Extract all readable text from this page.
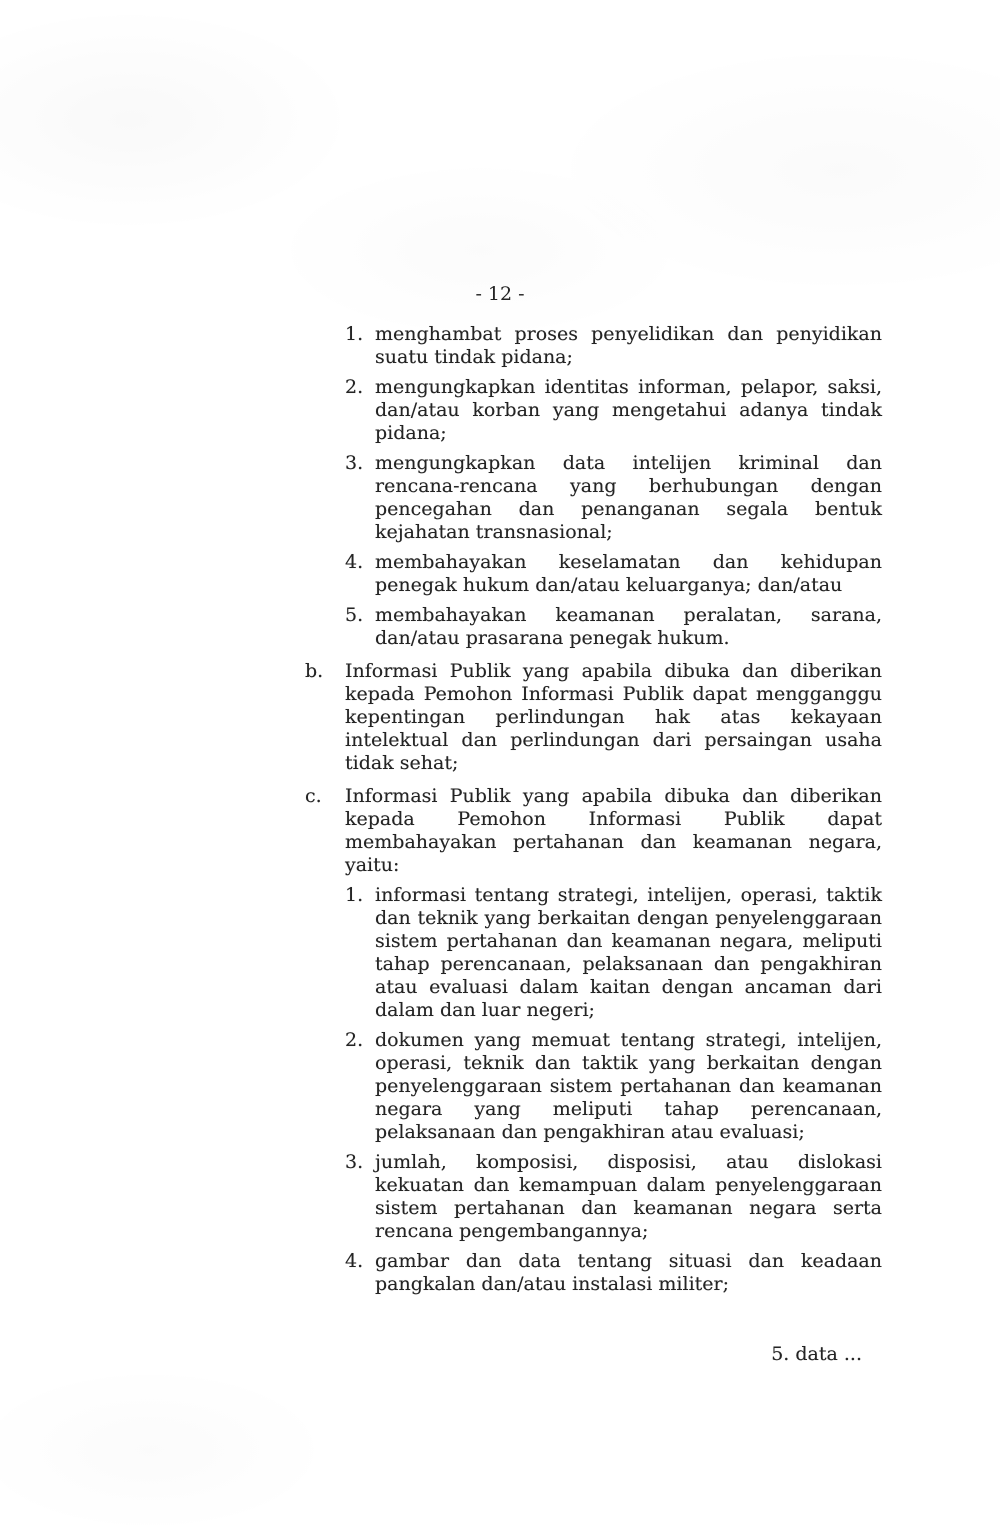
- 12 -
1. menghambat proses penyelidikan dan penyidikan
suatu tindak pidana;
2. mengungkapkan identitas informan, pelapor, saksi,
dan/atau korban yang mengetahui adanya tindak
pidana;
3. mengungkapkan data intelijen kriminal dan
rencana-rencana yang berhubungan dengan
pencegahan dan penanganan segala bentuk
kejahatan transnasional;
4. membahayakan keselamatan dan kehidupan
penegak hukum dan/atau keluarganya; dan/atau
5. membahayakan keamanan peralatan, sarana,
dan/atau prasarana penegak hukum.
b.	Informasi Publik yang apabila dibuka dan diberikan
kepada Pemohon Informasi Publik dapat mengganggu
kepentingan perlindungan hak atas kekayaan
intelektual dan perlindungan dari persaingan usaha
tidak sehat;
c.	Informasi Publik yang apabila dibuka dan diberikan
kepada Pemohon Informasi Publik dapat
membahayakan pertahanan dan keamanan negara,
yaitu:
1. informasi tentang strategi, intelijen, operasi, taktik
dan teknik yang berkaitan dengan penyelenggaraan
sistem pertahanan dan keamanan negara, meliputi
tahap perencanaan, pelaksanaan dan pengakhiran
atau evaluasi dalam kaitan dengan ancaman dari
dalam dan luar negeri;
2. dokumen yang memuat tentang strategi, intelijen,
operasi, teknik dan taktik yang berkaitan dengan
penyelenggaraan sistem pertahanan dan keamanan
negara yang meliputi tahap perencanaan,
pelaksanaan dan pengakhiran atau evaluasi;
3. jumlah, komposisi, disposisi, atau dislokasi
kekuatan dan kemampuan dalam penyelenggaraan
sistem pertahanan dan keamanan negara serta
rencana pengembangannya;
4. gambar dan data tentang situasi dan keadaan
pangkalan dan/atau instalasi militer;
5. data ...
